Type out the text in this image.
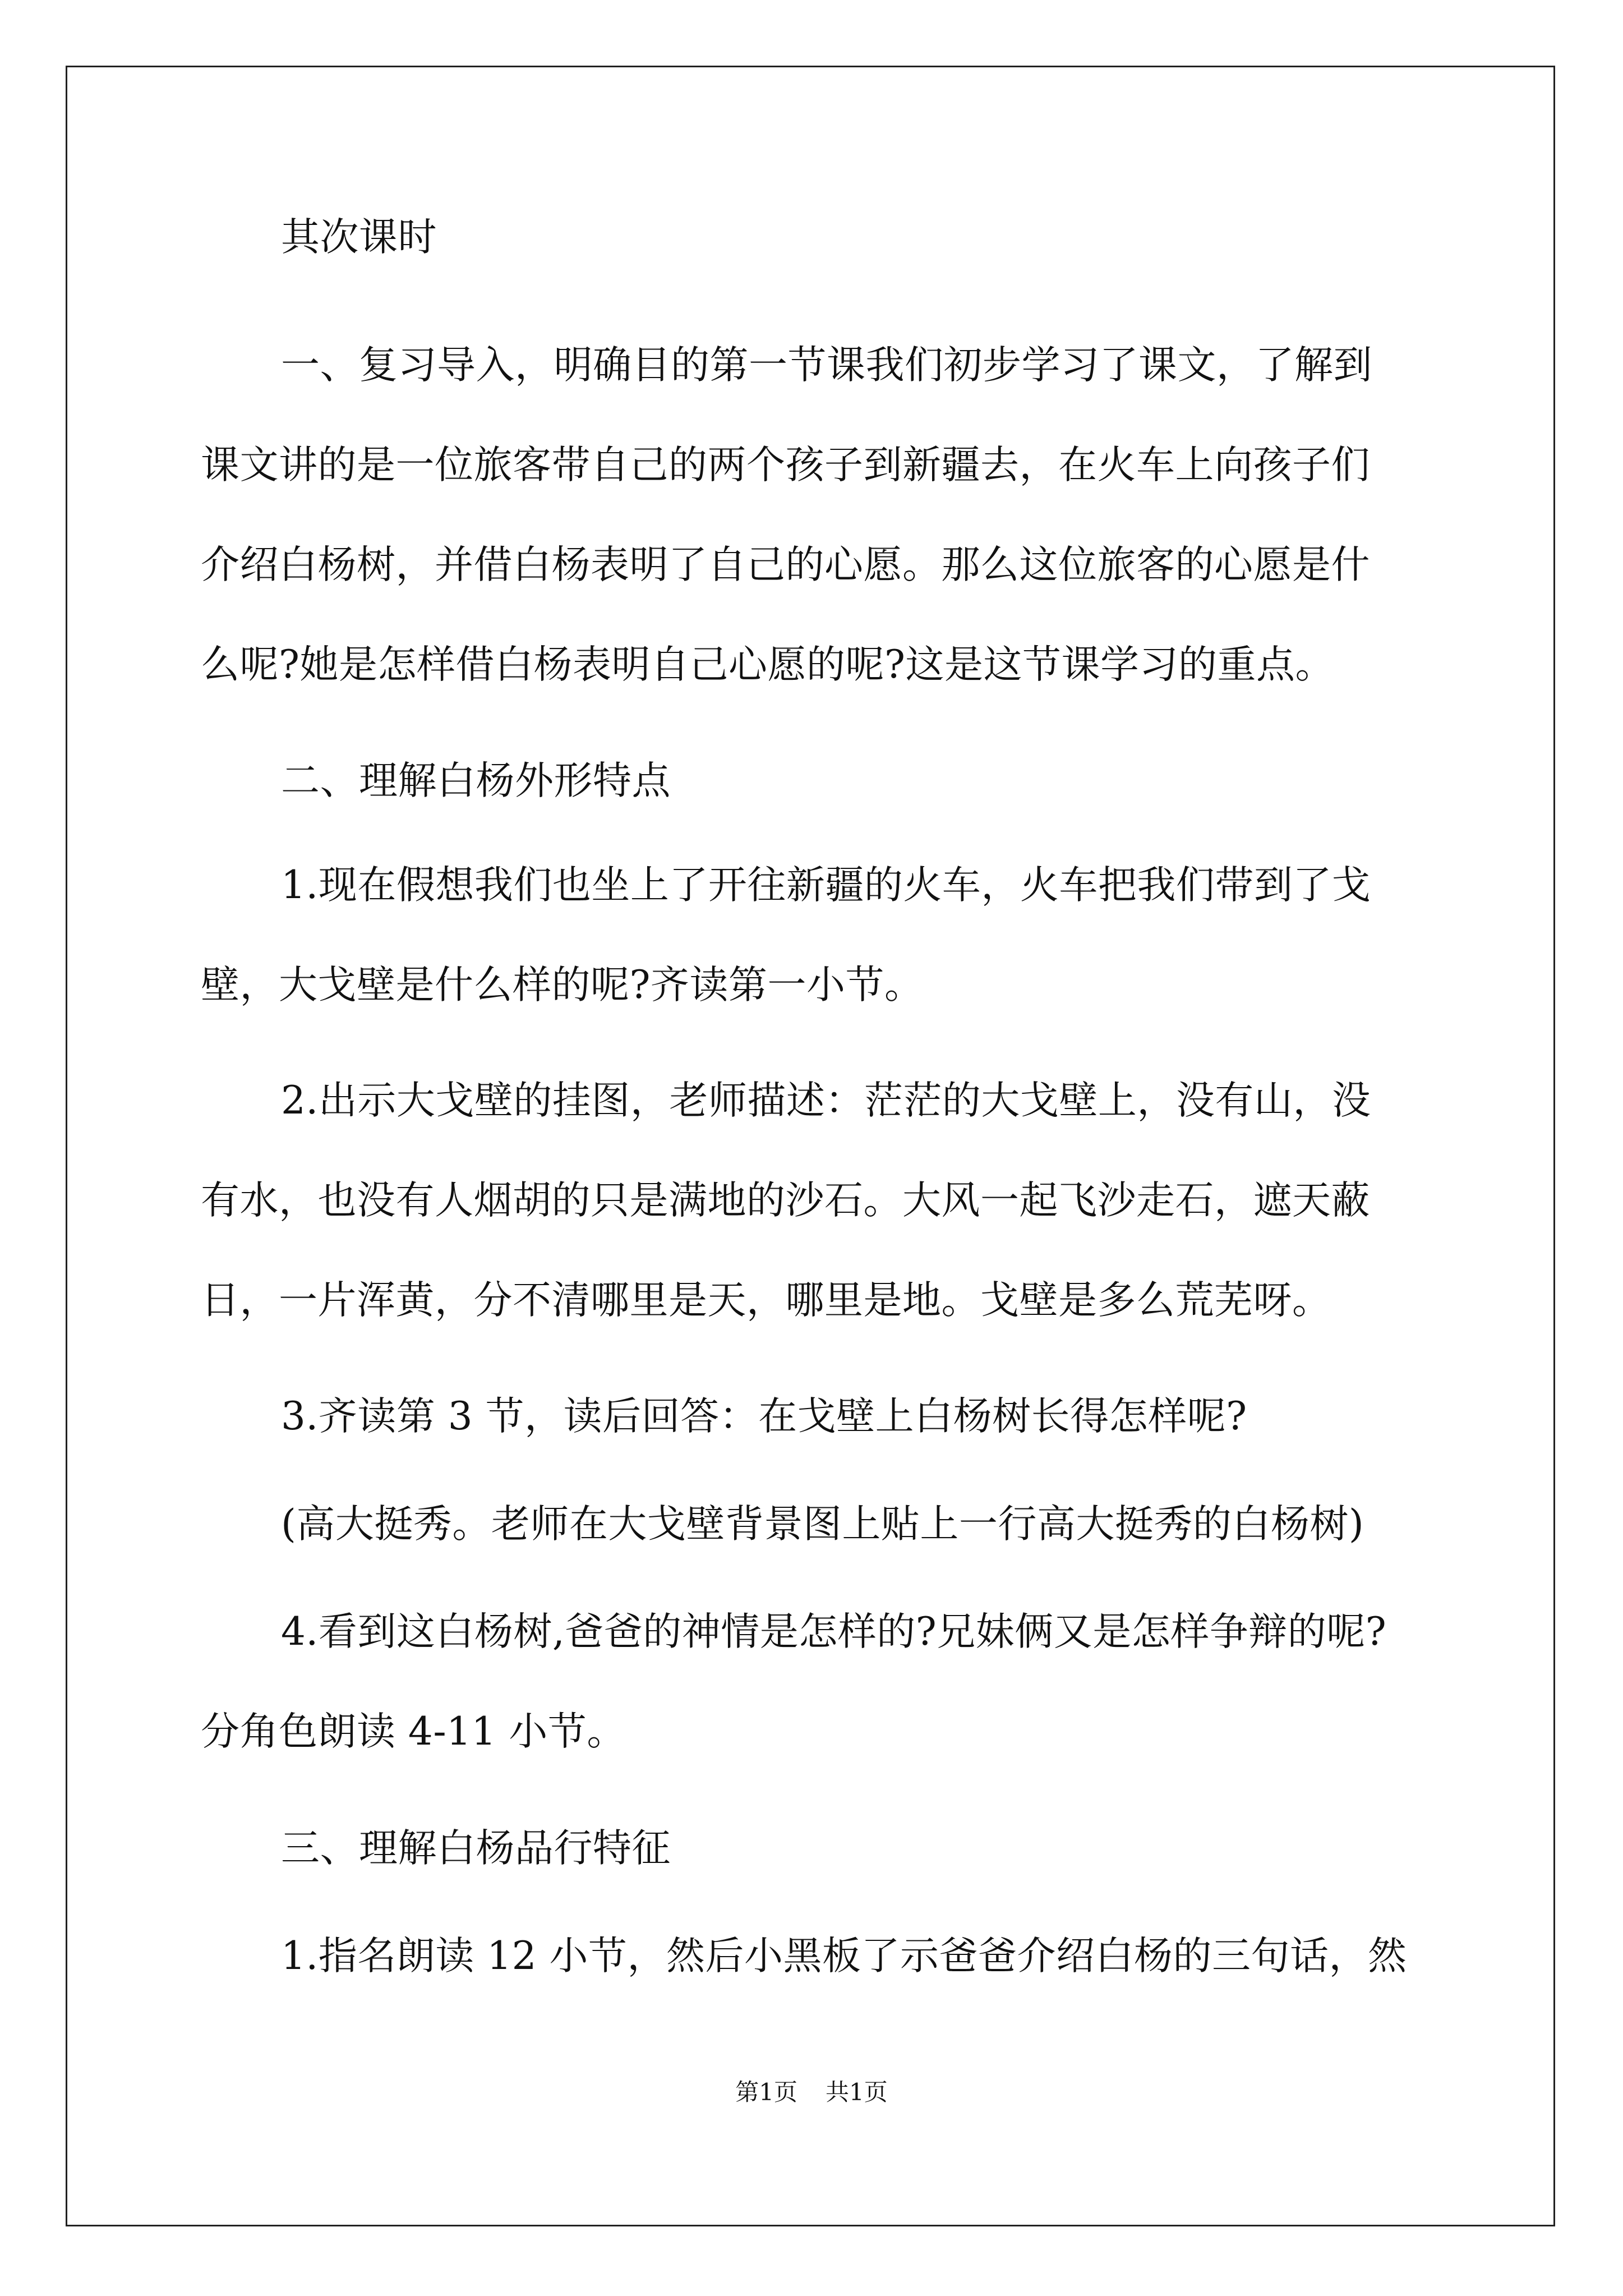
其次课时
一、复习导入，明确目的第一节课我们初步学习了课文，了解到
课文讲的是一位旅客带自己的两个孩子到新疆去，在火车上向孩子们
介绍白杨树，并借白杨表明了自己的心愿。那么这位旅客的心愿是什
么呢?她是怎样借白杨表明自己心愿的呢?这是这节课学习的重点。
二、理解白杨外形特点
1.现在假想我们也坐上了开往新疆的火车，火车把我们带到了戈
壁，大戈壁是什么样的呢?齐读第一小节。
2.出示大戈壁的挂图，老师描述：茫茫的大戈壁上，没有山，没
有水，也没有人烟胡的只是满地的沙石。大风一起飞沙走石，遮天蔽
日，一片浑黄，分不清哪里是天，哪里是地。戈壁是多么荒芜呀。
3.齐读第 3 节，读后回答：在戈壁上白杨树长得怎样呢?
(高大挺秀。老师在大戈壁背景图上贴上一行高大挺秀的白杨树)
4.看到这白杨树,爸爸的神情是怎样的?兄妹俩又是怎样争辩的呢?
分角色朗读 4-11 小节。
三、理解白杨品行特征
1.指名朗读 12 小节，然后小黑板了示爸爸介绍白杨的三句话，然
第1页 共1页
